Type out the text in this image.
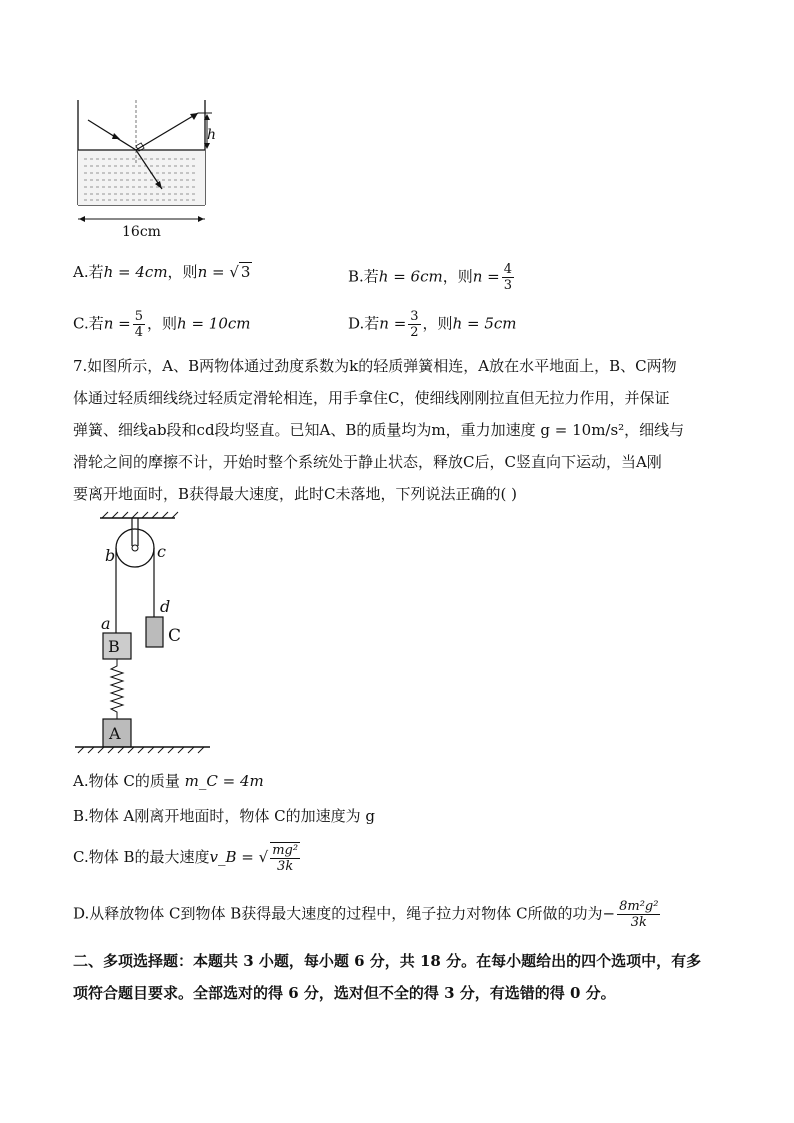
h
16cm
A.若h = 4cm，则n = √ 3	B.若h = 6cm，则$n = \frac{4}{3}$
C.若$n = \frac{5}{4}$ ，则h = 10cm	D.若$n = \frac{3}{2}$ ，则h = 5cm
7.如图所示，A、B两物体通过劲度系数为k的轻质弹簧相连，A放在水平地面上，B、C两物
体通过轻质细线绕过轻质定滑轮相连，用手拿住C，使细线刚刚拉直但无拉力作用，并保证
弹簧、细线ab段和cd段均竖直。已知A、B的质量均为m，重力加速度 g = 10m/s²，细线与
滑轮之间的摩擦不计，开始时整个系统处于静止状态，释放C后，C竖直向下运动，当A刚
要离开地面时，B获得最大速度，此时C未落地，下列说法正确的( )
b	c
d
a
B
C
A
A.物体 C的质量 m_C = 4m
B.物体 A刚离开地面时，物体 C的加速度为 g
C.物体 B的最大速度v_B = √ $\frac{\text{mg²}}{3k}$
D.从释放物体 C到物体 B获得最大速度的过程中，绳子拉力对物体 C所做的功为− $\frac{\text{8m²g²}}{3k}$
二、多项选择题：本题共 3 小题，每小题 6 分，共 18 分。在每小题给出的四个选项中，有多
项符合题目要求。全部选对的得 6 分，选对但不全的得 3 分，有选错的得 0 分。
